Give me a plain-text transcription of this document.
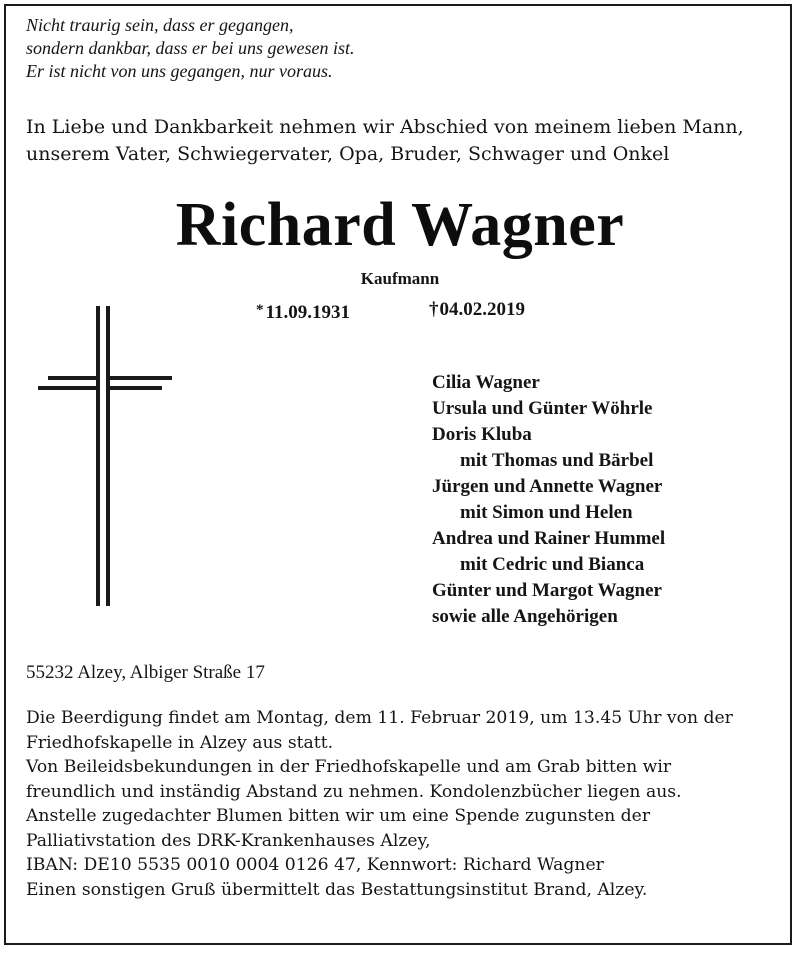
Nicht traurig sein, dass er gegangen,
sondern dankbar, dass er bei uns gewesen ist.
Er ist nicht von uns gegangen, nur voraus.
In Liebe und Dankbarkeit nehmen wir Abschied von meinem lieben Mann,
unserem Vater, Schwiegervater, Opa, Bruder, Schwager und Onkel
Richard Wagner
Kaufmann
* 11.09.1931	†04.02.2019
Cilia Wagner
Ursula und Günter Wöhrle
Doris Kluba
mit Thomas und Bärbel
Jürgen und Annette Wagner
mit Simon und Helen
Andrea und Rainer Hummel
mit Cedric und Bianca
Günter und Margot Wagner
sowie alle Angehörigen
55232 Alzey, Albiger Straße 17
Die Beerdigung findet am Montag, dem 11. Februar 2019, um 13.45 Uhr von der
Friedhofskapelle in Alzey aus statt.
Von Beileidsbekundungen in der Friedhofskapelle und am Grab bitten wir
freundlich und inständig Abstand zu nehmen. Kondolenzbücher liegen aus.
Anstelle zugedachter Blumen bitten wir um eine Spende zugunsten der
Palliativstation des DRK-Krankenhauses Alzey,
IBAN: DE10 5535 0010 0004 0126 47, Kennwort: Richard Wagner
Einen sonstigen Gruß übermittelt das Bestattungsinstitut Brand, Alzey.
